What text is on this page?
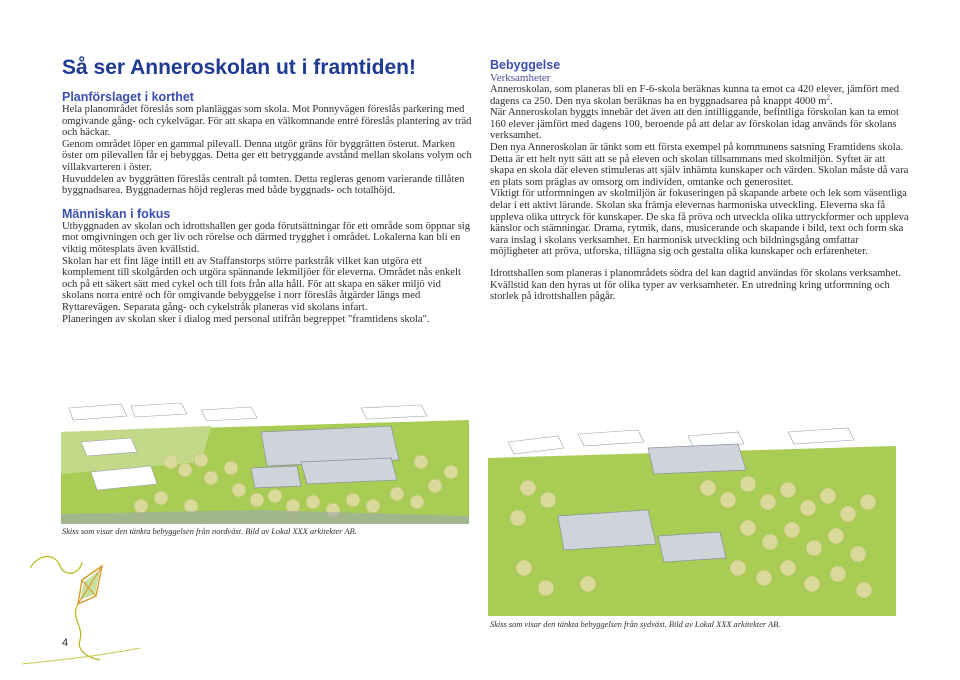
Så ser Anneroskolan ut i framtiden!
Planförslaget i korthet

Hela planområdet föreslås som planläggas som skola. Mot Ponnyvägen föreslås parkering med omgivande gång- och cykelvägar. För att skapa en välkomnande entré föreslås plantering av träd och häckar.

Genom området löper en gammal pilevall. Denna utgör gräns för byggrätten österut. Marken öster om pilevallen får ej bebyggas. Detta ger ett betryggande avstånd mellan skolans volym och villakvarteren i öster.

Huvuddelen av byggrätten föreslås centralt på tomten. Detta regleras genom varierande tillåten byggnadsarea. Byggnadernas höjd regleras med både byggnads- och totalhöjd.

Människan i fokus

Utbyggnaden av skolan och idrottshallen ger goda förutsättningar för ett område som öppnar sig mot omgivningen och ger liv och rörelse och därmed trygghet i området. Lokalerna kan bli en viktig mötesplats även kvällstid.

Skolan har ett fint läge intill ett av Staffanstorps större parkstråk vilket kan utgöra ett komplement till skolgården och utgöra spännande lekmiljöer för eleverna. Området nås enkelt och på ett säkert sätt med cykel och till fots från alla håll. För att skapa en säker miljö vid skolans norra entré och för omgivande bebyggelse i norr föreslås åtgärder längs med Ryttarevägen. Separata gång- och cykelstråk planeras vid skolans infart.

Planeringen av skolan sker i dialog med personal utifrån begreppet "framtidens skola".

Bebyggelse
Verksamheter

Anneroskolan, som planeras bli en F-6-skola beräknas kunna ta emot ca 420 elever, jämfört med dagens ca 250. Den nya skolan beräknas ha en byggnadsarea på knappt 4000 $m^2$.

När Anneroskolan byggts innebär det även att den intilliggande, befintliga förskolan kan ta emot 160 elever jämfört med dagens 100, beroende på att delar av förskolan idag används för skolans verksamhet.

Den nya Anneroskolan är tänkt som ett första exempel på kommunens satsning Framtidens skola. Detta är ett helt nytt sätt att se på eleven och skolan tillsammans med skolmiljön. Syftet är att skapa en skola där eleven stimuleras att själv inhämta kunskaper och värden. Skolan måste då vara en plats som präglas av omsorg om individen, omtanke och generositet.

Viktigt för utformningen av skolmiljön är fokuseringen på skapande arbete och lek som väsentliga delar i ett aktivt lärande. Skolan ska främja elevernas harmoniska utveckling. Eleverna ska få uppleva olika uttryck för kunskaper. De ska få pröva och utveckla olika uttryckformer och uppleva känslor och stämningar. Drama, rytmik, dans, musicerande och skapande i bild, text och form ska vara inslag i skolans verksamhet. En harmonisk utveckling och bildningsgång omfattar möjligheter att pröva, utforska, tillägna sig och gestalta olika kunskaper och erfarenheter.

Idrottshallen som planeras i planområdets södra del kan dagtid användas för skolans verksamhet. Kvällstid kan den hyras ut för olika typer av verksamheter. En utredning kring utformning och storlek på idrottshallen pågår.

Skiss som visar den tänkta bebyggelsen från nordväst. Bild av Lokal XXX arkitekter AB.
Skiss som visar den tänkta bebyggelsen från sydväst. Bild av Lokal XXX arkitekter AB.
4
